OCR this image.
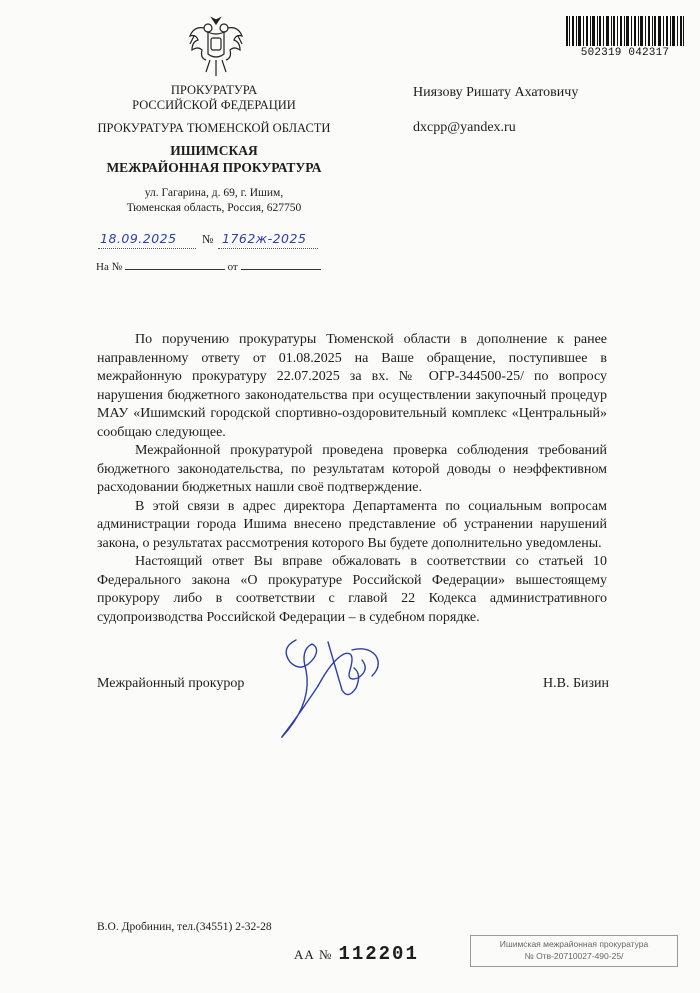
502319 042317
ПРОКУРАТУРА
РОССИЙСКОЙ ФЕДЕРАЦИИ
ПРОКУРАТУРА ТЮМЕНСКОЙ ОБЛАСТИ
ИШИМСКАЯ
МЕЖРАЙОННАЯ ПРОКУРАТУРА
ул. Гагарина, д. 69, г. Ишим,
Тюменская область, Россия, 627750
18.09.2025 № 1762ж-2025
На №	от
Ниязову Ришату Ахатовичу
dxcpp@yandex.ru

По поручению прокуратуры Тюменской области в дополнение к ранее направленному ответу от 01.08.2025 на Ваше обращение, поступившее в межрайонную прокуратуру 22.07.2025 за вх. № ОГР-344500-25/ по вопросу нарушения бюджетного законодательства при осуществлении закупочный процедур МАУ «Ишимский городской спортивно-оздоровительный комплекс «Центральный» сообщаю следующее.

Межрайонной прокуратурой проведена проверка соблюдения требований бюджетного законодательства, по результатам которой доводы о неэффективном расходовании бюджетных нашли своё подтверждение.

В этой связи в адрес директора Департамента по социальным вопросам администрации города Ишима внесено представление об устранении нарушений закона, о результатах рассмотрения которого Вы будете дополнительно уведомлены.

Настоящий ответ Вы вправе обжаловать в соответствии со статьей 10 Федерального закона «О прокуратуре Российской Федерации» вышестоящему прокурору либо в соответствии с главой 22 Кодекса административного судопроизводства Российской Федерации – в судебном порядке.

Межрайонный прокурор	Н.В. Бизин
В.О. Дробинин, тел.(34551) 2-32-28
АА № 112201	Ишимская межрайонная прокуратура
№ Отв-20710027-490-25/
